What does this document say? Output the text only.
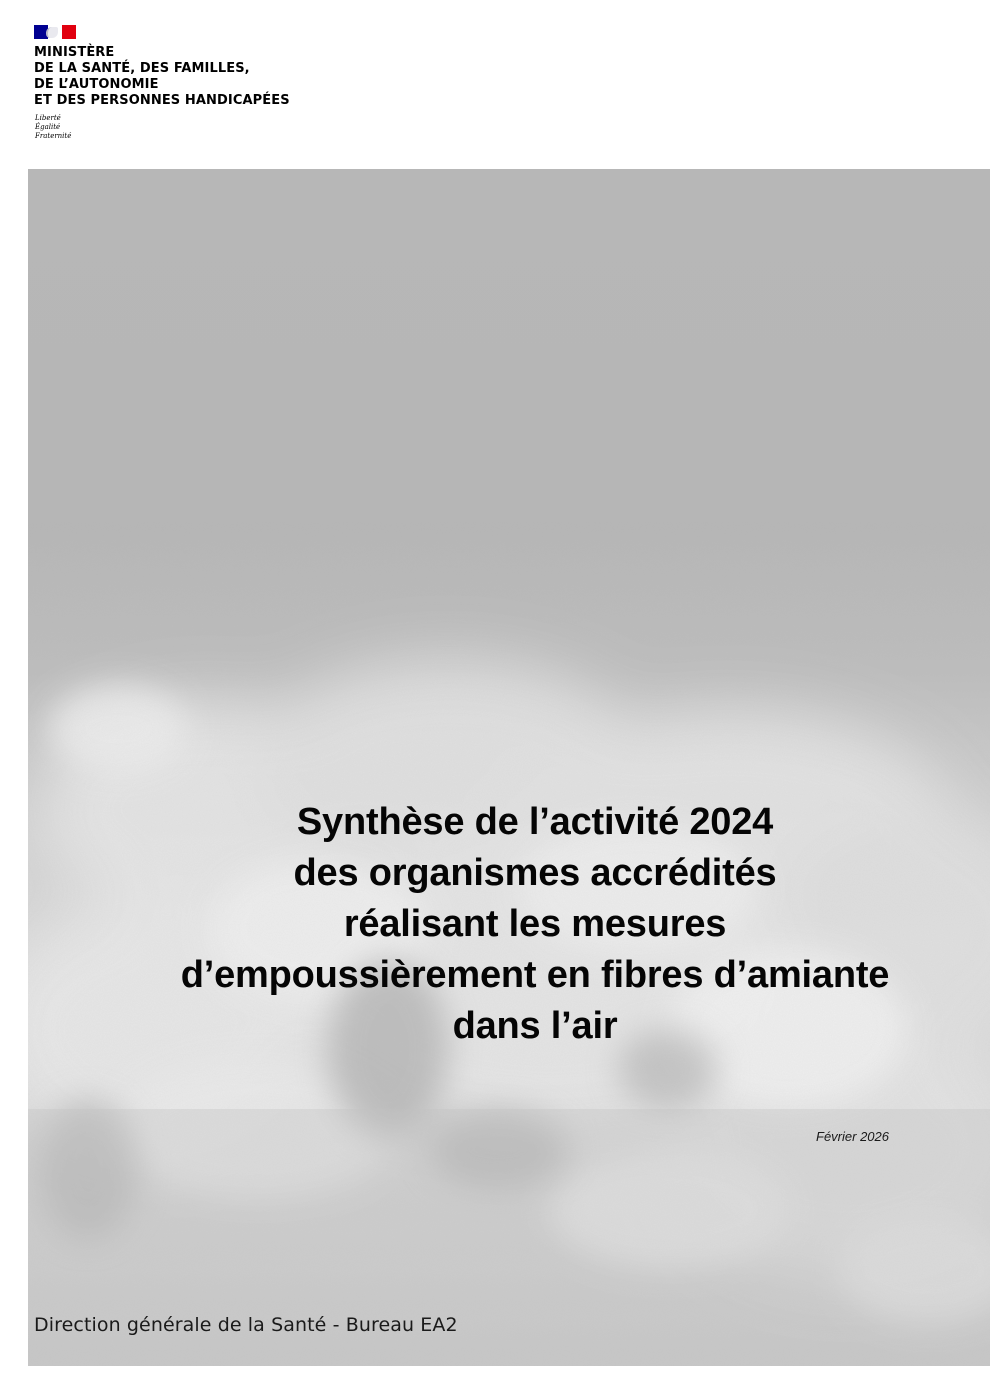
MINISTÈRE
DE LA SANTÉ, DES FAMILLES,
DE L’AUTONOMIE
ET DES PERSONNES HANDICAPÉES
Liberté
Égalité
Fraternité
Synthèse de l’activité 2024
des organismes accrédités
réalisant les mesures
d’empoussièrement en fibres d’amiante
dans l’air
Février 2026
Direction générale de la Santé - Bureau EA2
